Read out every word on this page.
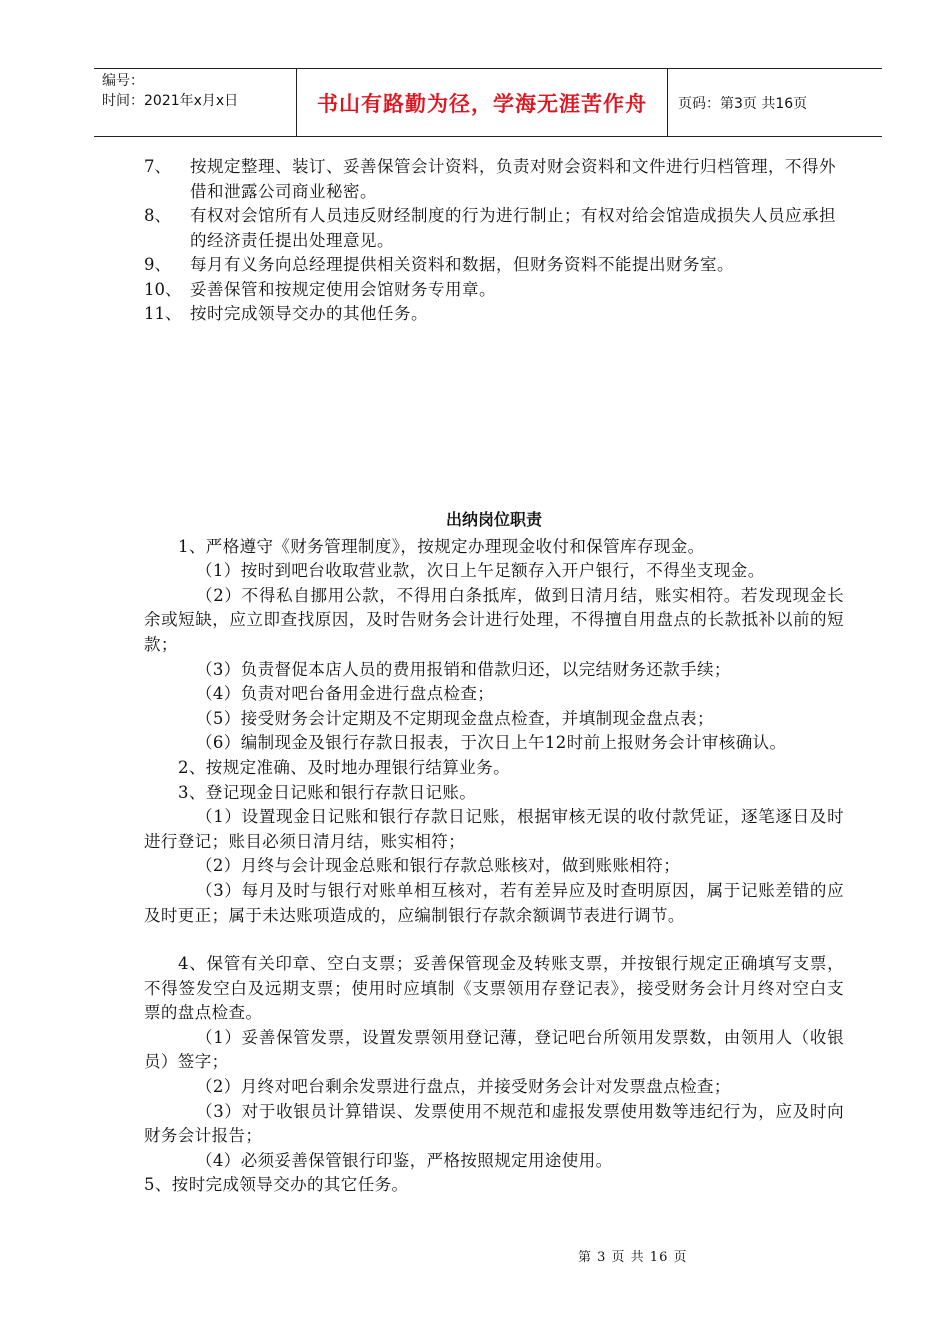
编号：
时间：2021年x月x日	书山有路勤为径，学海无涯苦作舟 页码：第3页 共16页
7、	按规定整理、装订、妥善保管会计资料，负责对财会资料和文件进行归档管理，不得外借和泄露公司商业秘密。
8、	有权对会馆所有人员违反财经制度的行为进行制止；有权对给会馆造成损失人员应承担的经济责任提出处理意见。
9、	每月有义务向总经理提供相关资料和数据，但财务资料不能提出财务室。
10、 妥善保管和按规定使用会馆财务专用章。
11、 按时完成领导交办的其他任务。
出纳岗位职责
1、严格遵守《财务管理制度》，按规定办理现金收付和保管库存现金。
（1）按时到吧台收取营业款，次日上午足额存入开户银行，不得坐支现金。
（2）不得私自挪用公款，不得用白条抵库，做到日清月结，账实相符。若发现现金长余或短缺，应立即查找原因，及时告财务会计进行处理，不得擅自用盘点的长款抵补以前的短款；
（3）负责督促本店人员的费用报销和借款归还，以完结财务还款手续；
（4）负责对吧台备用金进行盘点检查；
（5）接受财务会计定期及不定期现金盘点检查，并填制现金盘点表；
（6）编制现金及银行存款日报表，于次日上午12时前上报财务会计审核确认。
2、按规定准确、及时地办理银行结算业务。
3、登记现金日记账和银行存款日记账。
（1）设置现金日记账和银行存款日记账，根据审核无误的收付款凭证，逐笔逐日及时进行登记；账目必须日清月结，账实相符；
（2）月终与会计现金总账和银行存款总账核对，做到账账相符；
（3）每月及时与银行对账单相互核对，若有差异应及时查明原因，属于记账差错的应及时更正；属于未达账项造成的，应编制银行存款余额调节表进行调节。
4、保管有关印章、空白支票；妥善保管现金及转账支票，并按银行规定正确填写支票，不得签发空白及远期支票；使用时应填制《支票领用存登记表》，接受财务会计月终对空白支票的盘点检查。
（1）妥善保管发票，设置发票领用登记薄，登记吧台所领用发票数，由领用人（收银员）签字；
（2）月终对吧台剩余发票进行盘点，并接受财务会计对发票盘点检查；
（3）对于收银员计算错误、发票使用不规范和虚报发票使用数等违纪行为，应及时向财务会计报告；
（4）必须妥善保管银行印鉴，严格按照规定用途使用。
5、按时完成领导交办的其它任务。
第 3 页 共 16 页
